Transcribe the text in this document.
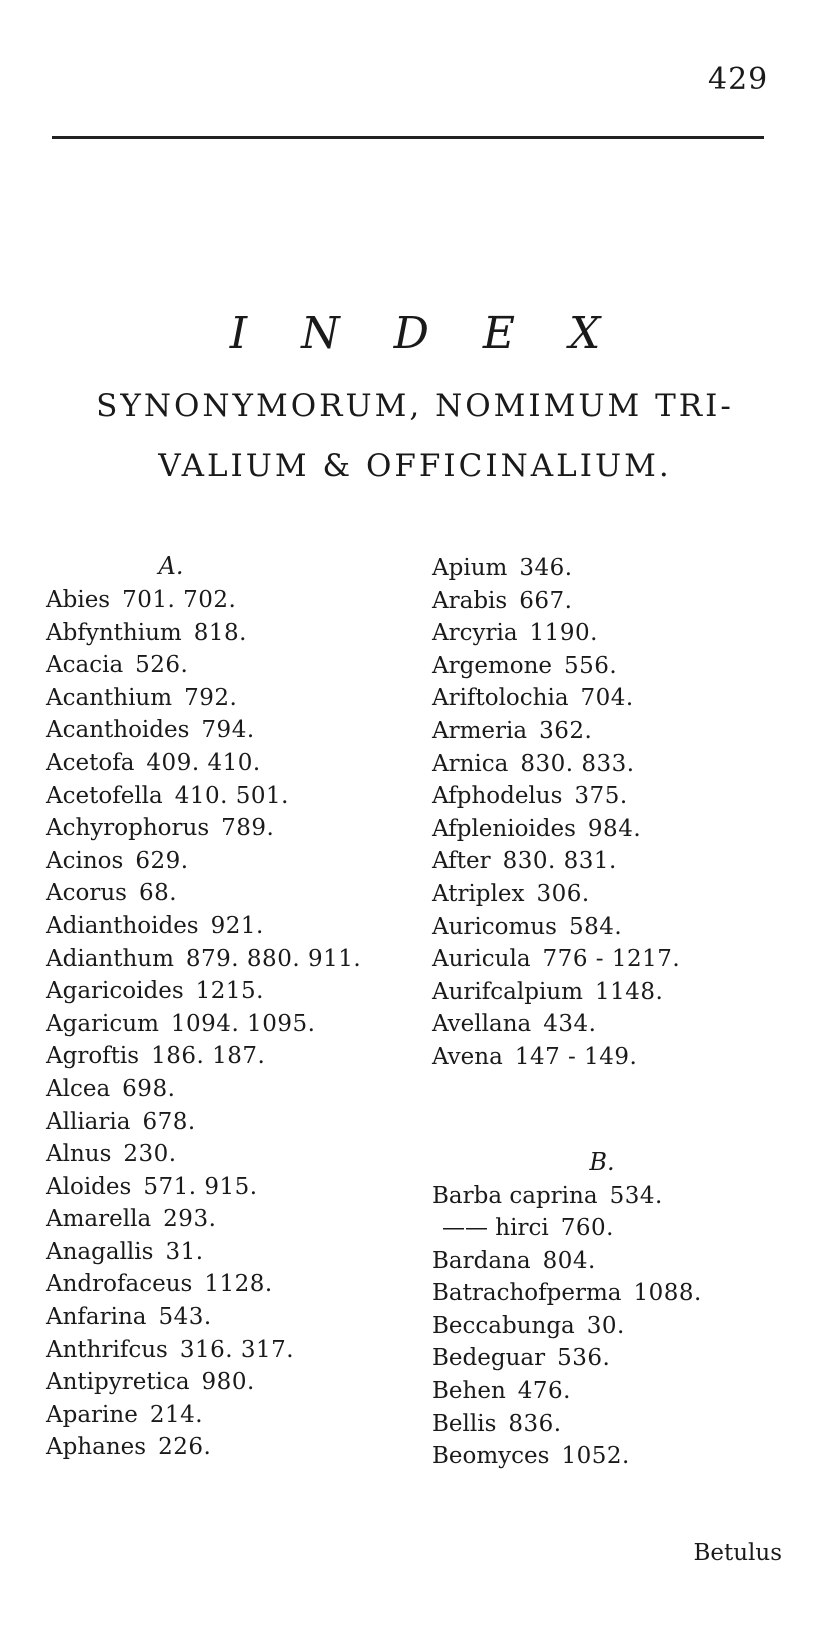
429
I N D E X
SYNONYMORUM, NOMIMUM TRI-
VALIUM & OFFICINALIUM.
A.
Abies 701. 702.
Abfynthium 818.
Acacia 526.
Acanthium 792.
Acanthoides 794.
Acetofa 409. 410.
Acetofella 410. 501.
Achyrophorus 789.
Acinos 629.
Acorus 68.
Adianthoides 921.
Adianthum 879. 880. 911.
Agaricoides 1215.
Agaricum 1094. 1095.
Agroftis 186. 187.
Alcea 698.
Alliaria 678.
Alnus 230.
Aloides 571. 915.
Amarella 293.
Anagallis 31.
Androfaceus 1128.
Anfarina 543.
Anthrifcus 316. 317.
Antipyretica 980.
Aparine 214.
Aphanes 226.
Apium 346.
Arabis 667.
Arcyria 1190.
Argemone 556.
Ariftolochia 704.
Armeria 362.
Arnica 830. 833.
Afphodelus 375.
Afplenioides 984.
After 830. 831.
Atriplex 306.
Auricomus 584.
Auricula 776 - 1217.
Aurifcalpium 1148.
Avellana 434.
Avena 147 - 149.
B.
Barba caprina 534.
—— hirci 760.
Bardana 804.
Batrachofperma 1088.
Beccabunga 30.
Bedeguar 536.
Behen 476.
Bellis 836.
Beomyces 1052.
Betulus
